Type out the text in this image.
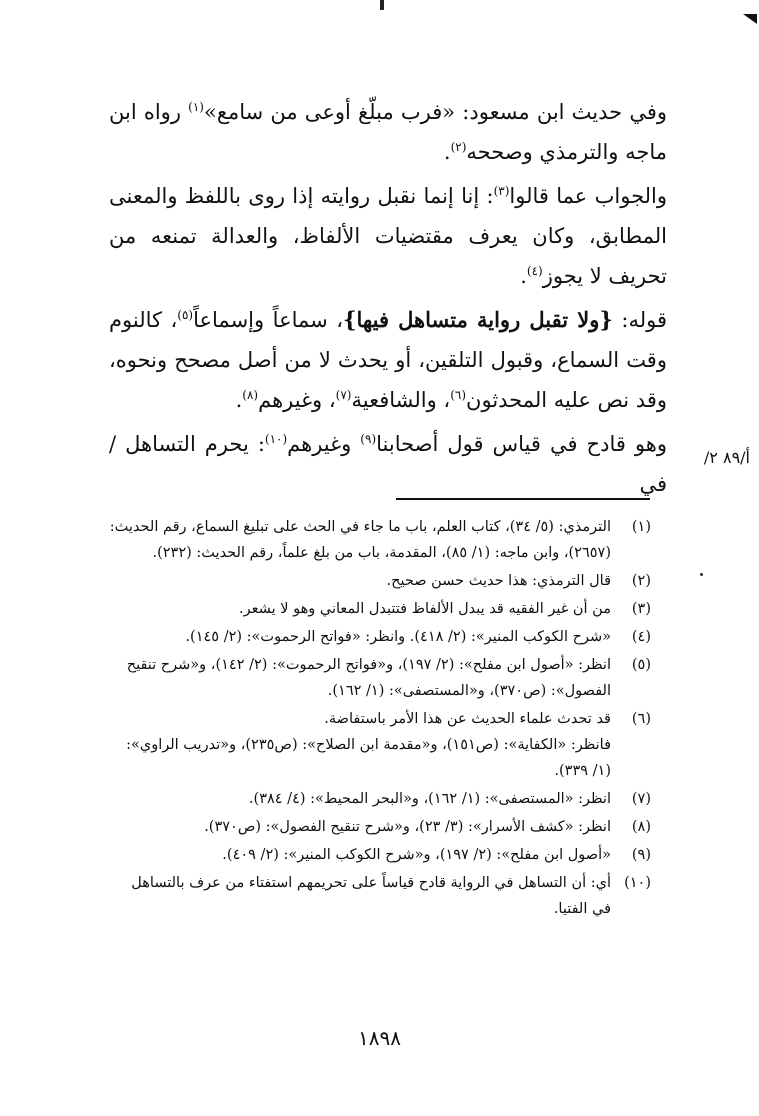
أ/٨٩ ٢/

وفي حديث ابن مسعود: «فرب مبلّغ أوعى من سامع»$^{(١)}$ رواه ابن ماجه والترمذي وصححه$^{(٢)}$.

والجواب عما قالوا$^{(٣)}$: إنا إنما نقبل روايته إذا روى باللفظ والمعنى المطابق، وكان يعرف مقتضيات الألفاظ، والعدالة تمنعه من تحريف لا يجوز$^{(٤)}$.

قوله: {ولا تقبل رواية متساهل فيها}، سماعاً وإسماعاً$^{(٥)}$، كالنوم وقت السماع، وقبول التلقين، أو يحدث لا من أصل مصحح ونحوه، وقد نص عليه المحدثون$^{(٦)}$، والشافعية$^{(٧)}$، وغيرهم$^{(٨)}$.

وهو قادح في قياس قول أصحابنا$^{(٩)}$ وغيرهم$^{(١٠)}$: يحرم التساهل / في

(١)
الترمذي: (٥/ ٣٤)، كتاب العلم، باب ما جاء في الحث على تبليغ السماع، رقم الحديث: (٢٦٥٧)، وابن ماجه: (١/ ٨٥)، المقدمة، باب من بلغ علماً، رقم الحديث: (٢٣٢).
(٢)
قال الترمذي: هذا حديث حسن صحيح.
(٣)
من أن غير الفقيه قد يبدل الألفاظ فتتبدل المعاني وهو لا يشعر.
(٤)
«شرح الكوكب المنير»: (٢/ ٤١٨). وانظر: «فواتح الرحموت»: (٢/ ١٤٥).
(٥)
انظر: «أصول ابن مفلح»: (٢/ ١٩٧)، و«فواتح الرحموت»: (٢/ ١٤٢)، و«شرح تنقيح الفصول»: (ص٣٧٠)، و«المستصفى»: (١/ ١٦٢).
(٦)
قد تحدث علماء الحديث عن هذا الأمر باستفاضة.
فانظر: «الكفاية»: (ص١٥١)، و«مقدمة ابن الصلاح»: (ص٢٣٥)، و«تدريب الراوي»: (١/ ٣٣٩).
(٧)
انظر: «المستصفى»: (١/ ١٦٢)، و«البحر المحيط»: (٤/ ٣٨٤).
(٨)
انظر: «كشف الأسرار»: (٣/ ٢٣)، و«شرح تنقيح الفصول»: (ص٣٧٠).
(٩)
«أصول ابن مفلح»: (٢/ ١٩٧)، و«شرح الكوكب المنير»: (٢/ ٤٠٩).
(١٠)
أي: أن التساهل في الرواية قادح قياساً على تحريمهم استفتاء من عرف بالتساهل في الفتيا.
١٨٩٨
